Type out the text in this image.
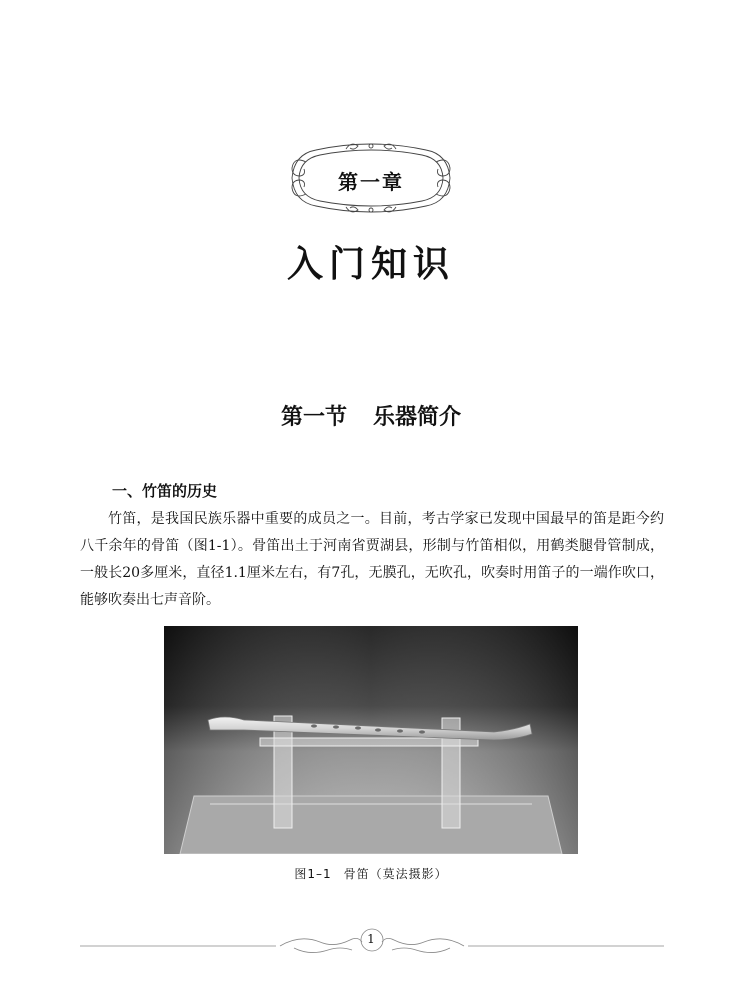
第一章
入门知识
第一节 乐器简介
一、竹笛的历史

竹笛，是我国民族乐器中重要的成员之一。目前，考古学家已发现中国最早的笛是距今约八千余年的骨笛（图1-1）。骨笛出土于河南省贾湖县，形制与竹笛相似，用鹤类腿骨管制成，一般长20多厘米，直径1.1厘米左右，有7孔，无膜孔，无吹孔，吹奏时用笛子的一端作吹口，能够吹奏出七声音阶。

图1–1 骨笛（莫法摄影）
1
